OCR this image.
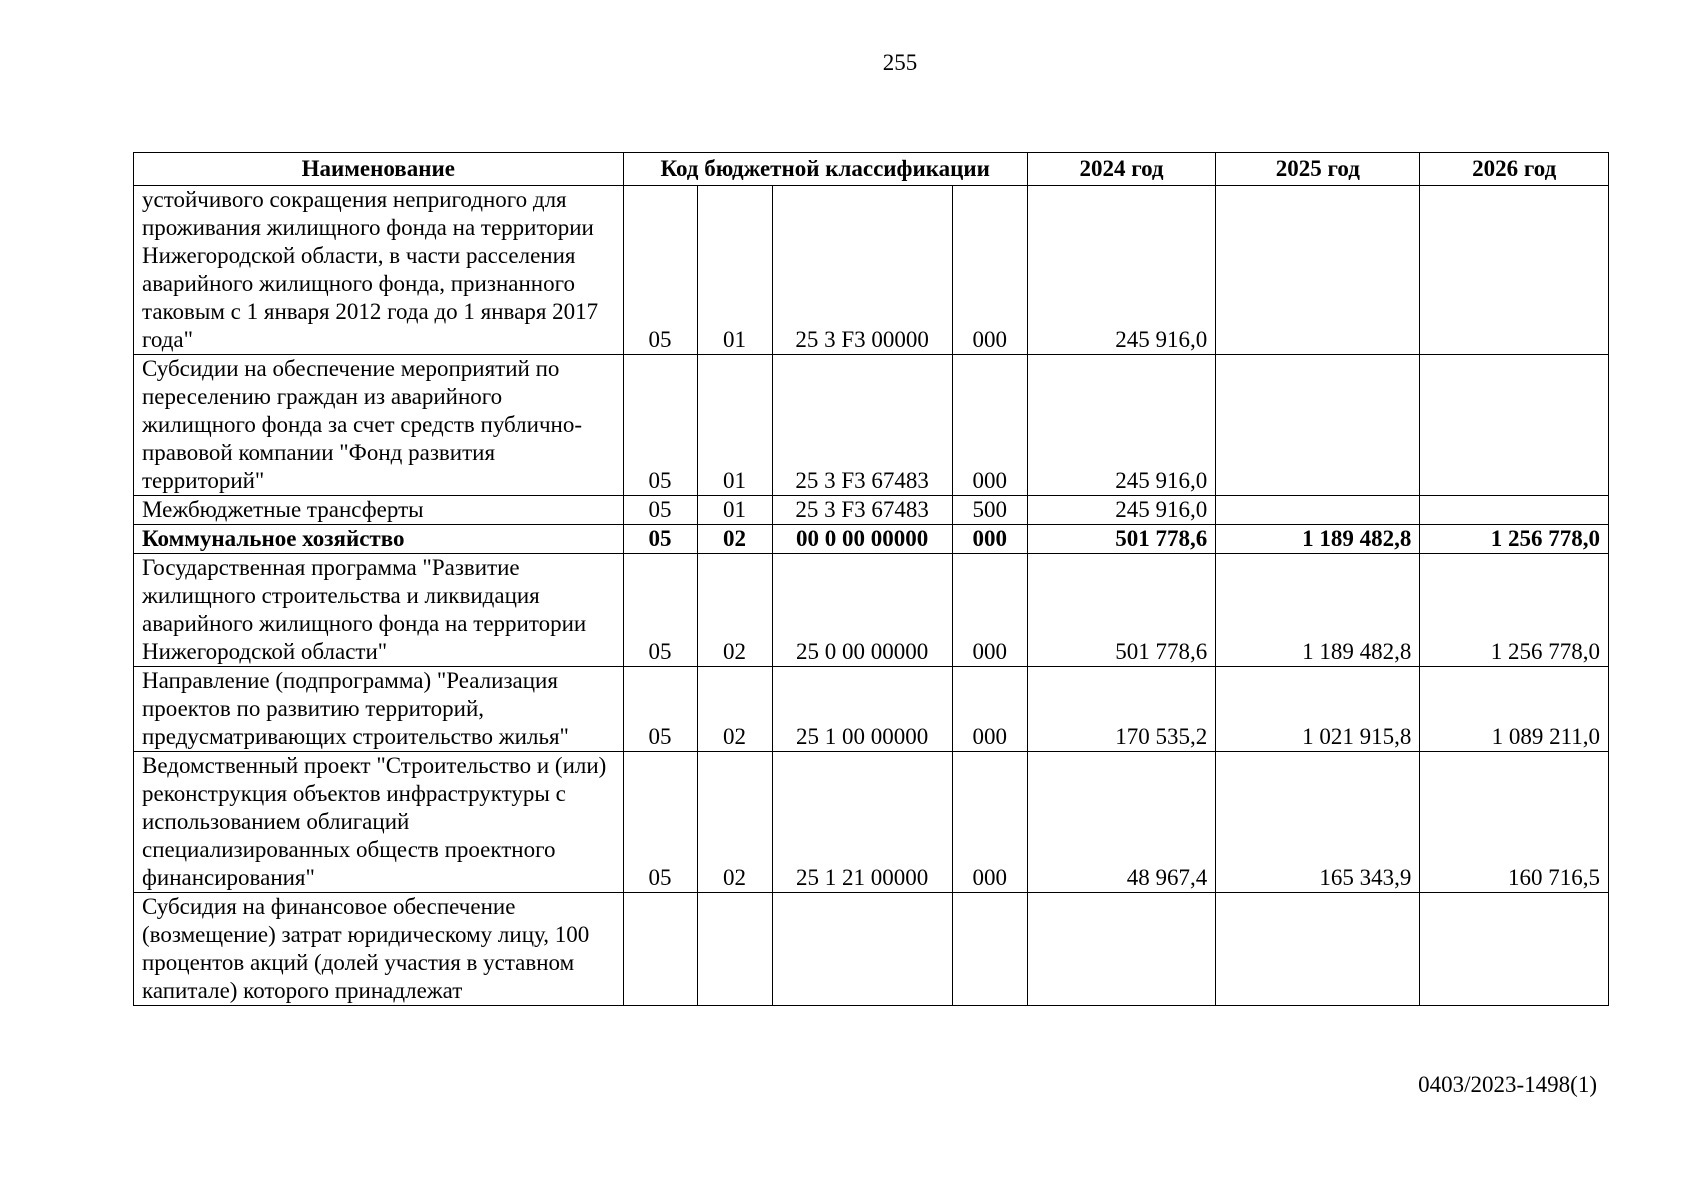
255
Наименование	Код бюджетной классификации				2024 год	2025 год	2026 год
устойчивого сокращения непригодного для проживания жилищного фонда на территории Нижегородской области, в части расселения аварийного жилищного фонда, признанного таковым с 1 января 2012 года до 1 января 2017 года"	05	01	25 3 F3 00000	000	245 916,0		
Субсидии на обеспечение мероприятий по переселению граждан из аварийного жилищного фонда за счет средств публично-правовой компании "Фонд развития территорий"	05	01	25 3 F3 67483	000	245 916,0		
Межбюджетные трансферты	05	01	25 3 F3 67483	500	245 916,0		
Коммунальное хозяйство	05	02	00 0 00 00000	000	501 778,6	1 189 482,8	1 256 778,0
Государственная программа "Развитие жилищного строительства и ликвидация аварийного жилищного фонда на территории Нижегородской области"	05	02	25 0 00 00000	000	501 778,6	1 189 482,8	1 256 778,0
Направление (подпрограмма) "Реализация проектов по развитию территорий, предусматривающих строительство жилья"	05	02	25 1 00 00000	000	170 535,2	1 021 915,8	1 089 211,0
Ведомственный проект "Строительство и (или) реконструкция объектов инфраструктуры с использованием облигаций специализированных обществ проектного финансирования"	05	02	25 1 21 00000	000	48 967,4	165 343,9	160 716,5
Субсидия на финансовое обеспечение (возмещение) затрат юридическому лицу, 100 процентов акций (долей участия в уставном капитале) которого принадлежат							
0403/2023-1498(1)
